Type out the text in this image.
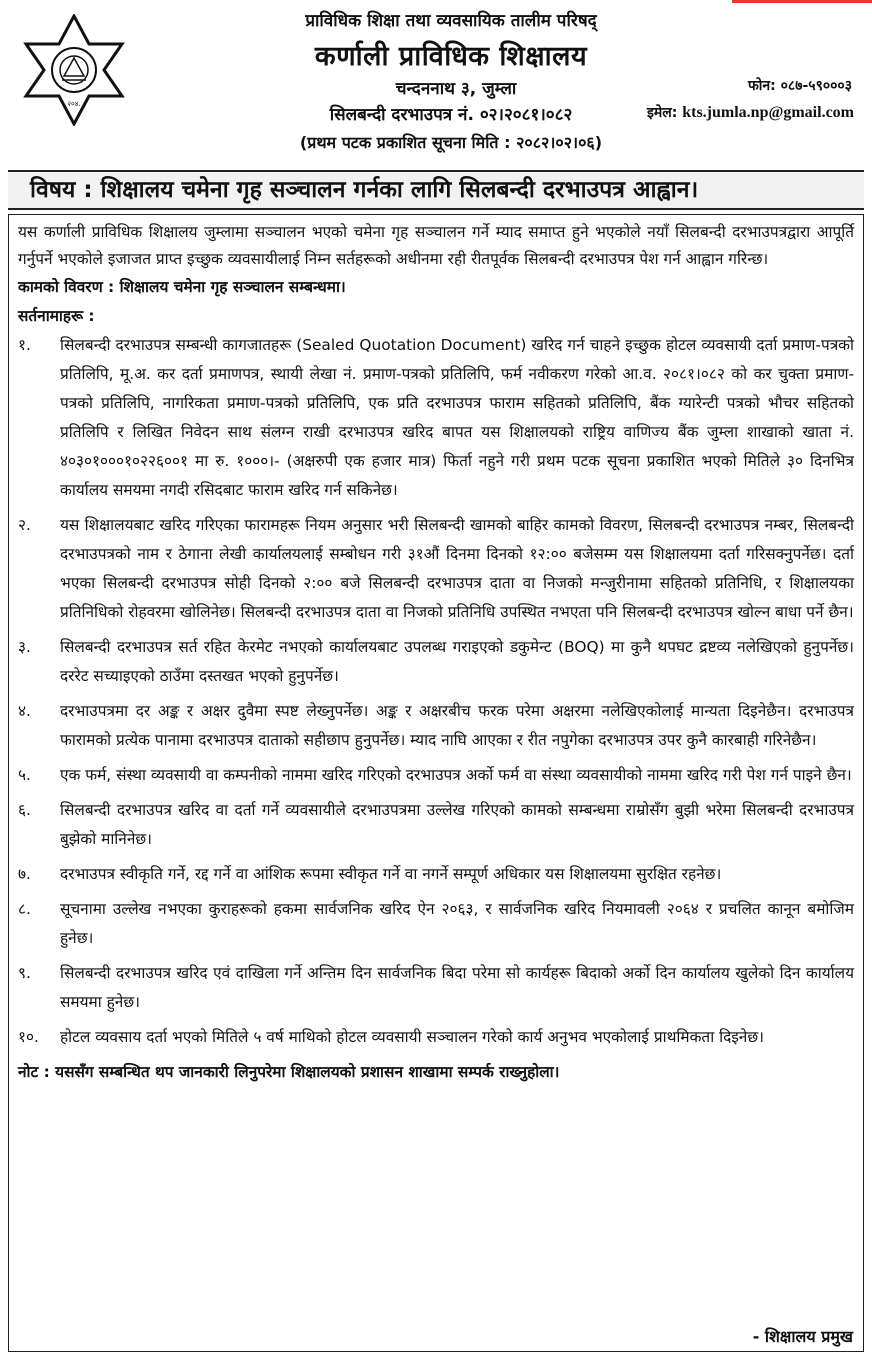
२०४.
प्राविधिक शिक्षा तथा व्यवसायिक तालीम परिषद्
कर्णाली प्राविधिक शिक्षालय
चन्दननाथ ३, जुम्ला
सिलबन्दी दरभाउपत्र नं. ०२।२०८१।०८२
(प्रथम पटक प्रकाशित सूचना मिति : २०८२।०२।०६)
फोन: ०८७-५९०००३
इमेल: kts.jumla.np@gmail.com
विषय : शिक्षालय चमेना गृह सञ्चालन गर्नका लागि सिलबन्दी दरभाउपत्र आह्वान।

यस कर्णाली प्राविधिक शिक्षालय जुम्लामा सञ्चालन भएको चमेना गृह सञ्चालन गर्ने म्याद समाप्त हुने भएकोले नयाँ सिलबन्दी दरभाउपत्रद्वारा आपूर्ति गर्नुपर्ने भएकोले इजाजत प्राप्त इच्छुक व्यवसायीलाई निम्न सर्तहरूको अधीनमा रही रीतपूर्वक सिलबन्दी दरभाउपत्र पेश गर्न आह्वान गरिन्छ।

कामको विवरण : शिक्षालय चमेना गृह सञ्चालन सम्बन्धमा।

सर्तनामाहरू :

१.	सिलबन्दी दरभाउपत्र सम्बन्धी कागजातहरू (Sealed Quotation Document) खरिद गर्न चाहने इच्छुक होटल व्यवसायी दर्ता प्रमाण-पत्रको प्रतिलिपि, मू.अ. कर दर्ता प्रमाणपत्र, स्थायी लेखा नं. प्रमाण-पत्रको प्रतिलिपि, फर्म नवीकरण गरेको आ.व. २०८१।०८२ को कर चुक्ता प्रमाण-पत्रको प्रतिलिपि, नागरिकता प्रमाण-पत्रको प्रतिलिपि, एक प्रति दरभाउपत्र फाराम सहितको प्रतिलिपि, बैंक ग्यारेन्टी पत्रको भौचर सहितको प्रतिलिपि र लिखित निवेदन साथ संलग्न राखी दरभाउपत्र खरिद बापत यस शिक्षालयको राष्ट्रिय वाणिज्य बैंक जुम्ला शाखाको खाता नं. ४०३०१०००१०२२६००१ मा रु. १०००।- (अक्षरुपी एक हजार मात्र) फिर्ता नहुने गरी प्रथम पटक सूचना प्रकाशित भएको मितिले ३० दिनभित्र कार्यालय समयमा नगदी रसिदबाट फाराम खरिद गर्न सकिनेछ।
२.	यस शिक्षालयबाट खरिद गरिएका फारामहरू नियम अनुसार भरी सिलबन्दी खामको बाहिर कामको विवरण, सिलबन्दी दरभाउपत्र नम्बर, सिलबन्दी दरभाउपत्रको नाम र ठेगाना लेखी कार्यालयलाई सम्बोधन गरी ३१औं दिनमा दिनको १२:०० बजेसम्म यस शिक्षालयमा दर्ता गरिसक्नुपर्नेछ। दर्ता भएका सिलबन्दी दरभाउपत्र सोही दिनको २:०० बजे सिलबन्दी दरभाउपत्र दाता वा निजको मन्जुरीनामा सहितको प्रतिनिधि, र शिक्षालयका प्रतिनिधिको रोहवरमा खोलिनेछ। सिलबन्दी दरभाउपत्र दाता वा निजको प्रतिनिधि उपस्थित नभएता पनि सिलबन्दी दरभाउपत्र खोल्न बाधा पर्ने छैन।
३.	सिलबन्दी दरभाउपत्र सर्त रहित केरमेट नभएको कार्यालयबाट उपलब्ध गराइएको डकुमेन्ट (BOQ) मा कुनै थपघट द्रष्टव्य नलेखिएको हुनुपर्नेछ। दररेट सच्याइएको ठाउँमा दस्तखत भएको हुनुपर्नेछ।
४.	दरभाउपत्रमा दर अङ्क र अक्षर दुवैमा स्पष्ट लेख्नुपर्नेछ। अङ्क र अक्षरबीच फरक परेमा अक्षरमा नलेखिएकोलाई मान्यता दिइनेछैन। दरभाउपत्र फारामको प्रत्येक पानामा दरभाउपत्र दाताको सहीछाप हुनुपर्नेछ। म्याद नाघि आएका र रीत नपुगेका दरभाउपत्र उपर कुनै कारबाही गरिनेछैन।
५.	एक फर्म, संस्था व्यवसायी वा कम्पनीको नाममा खरिद गरिएको दरभाउपत्र अर्को फर्म वा संस्था व्यवसायीको नाममा खरिद गरी पेश गर्न पाइने छैन।
६.	सिलबन्दी दरभाउपत्र खरिद वा दर्ता गर्ने व्यवसायीले दरभाउपत्रमा उल्लेख गरिएको कामको सम्बन्धमा राम्रोसँग बुझी भरेमा सिलबन्दी दरभाउपत्र बुझेको मानिनेछ।
७.	दरभाउपत्र स्वीकृति गर्ने, रद्द गर्ने वा आंशिक रूपमा स्वीकृत गर्ने वा नगर्ने सम्पूर्ण अधिकार यस शिक्षालयमा सुरक्षित रहनेछ।
८.	सूचनामा उल्लेख नभएका कुराहरूको हकमा सार्वजनिक खरिद ऐन २०६३, र सार्वजनिक खरिद नियमावली २०६४ र प्रचलित कानून बमोजिम हुनेछ।
९.	सिलबन्दी दरभाउपत्र खरिद एवं दाखिला गर्ने अन्तिम दिन सार्वजनिक बिदा परेमा सो कार्यहरू बिदाको अर्को दिन कार्यालय खुलेको दिन कार्यालय समयमा हुनेछ।
१०.	होटल व्यवसाय दर्ता भएको मितिले ५ वर्ष माथिको होटल व्यवसायी सञ्चालन गरेको कार्य अनुभव भएकोलाई प्राथमिकता दिइनेछ।

नोट : यससँग सम्बन्धित थप जानकारी लिनुपरेमा शिक्षालयको प्रशासन शाखामा सम्पर्क राख्नुहोला।

- शिक्षालय प्रमुख
